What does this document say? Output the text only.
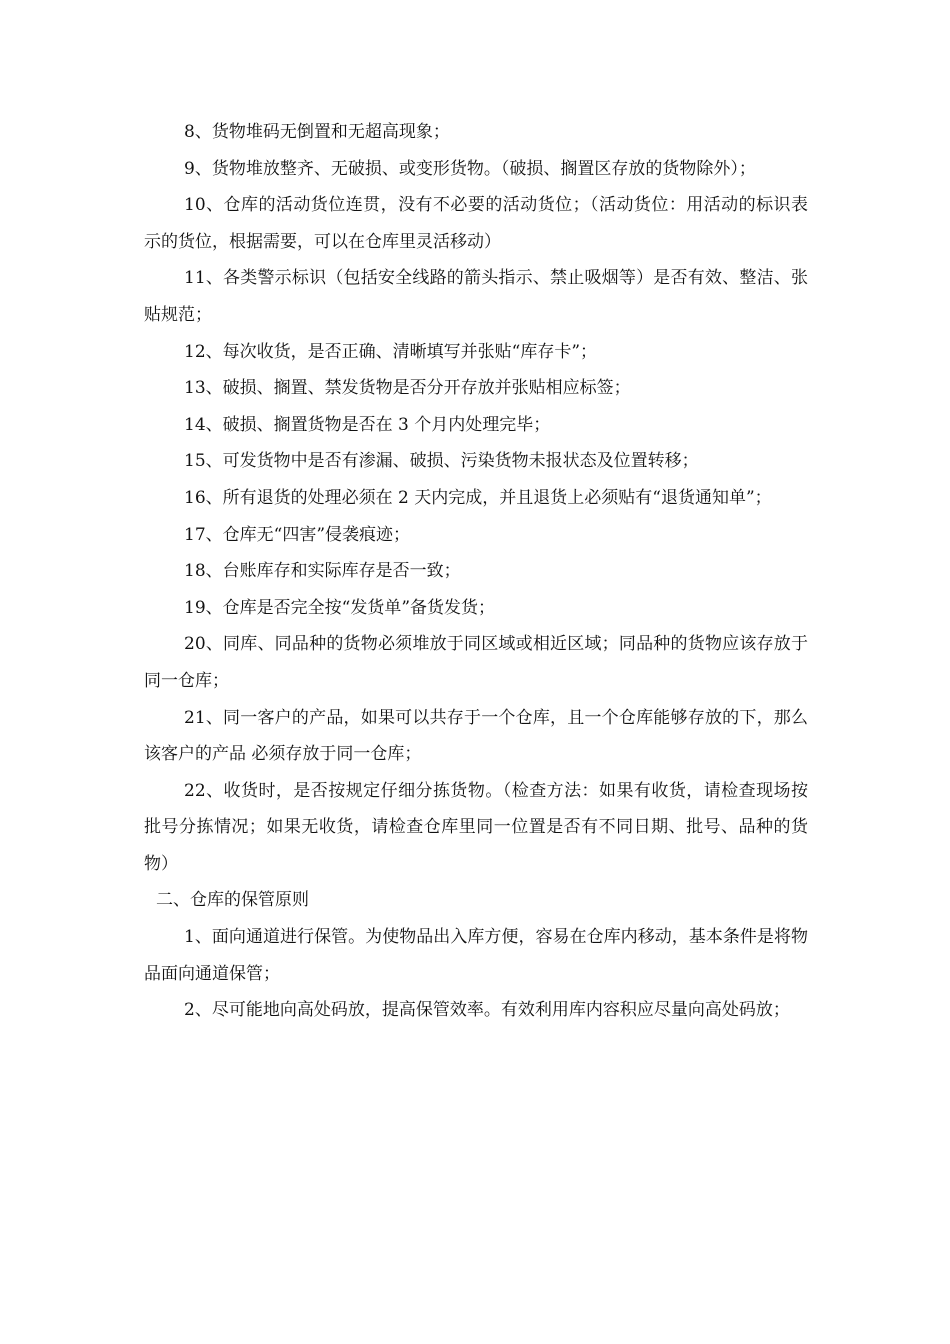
8、货物堆码无倒置和无超高现象；

9、货物堆放整齐、无破损、或变形货物。（破损、搁置区存放的货物除外）；

10、仓库的活动货位连贯，没有不必要的活动货位；（活动货位：用活动的标识表示的货位，根据需要，可以在仓库里灵活移动）

11、各类警示标识（包括安全线路的箭头指示、禁止吸烟等）是否有效、整洁、张贴规范；

12、每次收货，是否正确、清晰填写并张贴“库存卡”；

13、破损、搁置、禁发货物是否分开存放并张贴相应标签；

14、破损、搁置货物是否在 3 个月内处理完毕；

15、可发货物中是否有渗漏、破损、污染货物未报状态及位置转移；

16、所有退货的处理必须在 2 天内完成，并且退货上必须贴有“退货通知单”；

17、仓库无“四害”侵袭痕迹；

18、台账库存和实际库存是否一致；

19、仓库是否完全按“发货单”备货发货；

20、同库、同品种的货物必须堆放于同区域或相近区域；同品种的货物应该存放于同一仓库；

21、同一客户的产品，如果可以共存于一个仓库，且一个仓库能够存放的下，那么该客户的产品 必须存放于同一仓库；

22、收货时，是否按规定仔细分拣货物。（检查方法：如果有收货，请检查现场按批号分拣情况；如果无收货，请检查仓库里同一位置是否有不同日期、批号、品种的货物）

二、仓库的保管原则

1、面向通道进行保管。为使物品出入库方便，容易在仓库内移动，基本条件是将物品面向通道保管；

2、尽可能地向高处码放，提高保管效率。有效利用库内容积应尽量向高处码放；
